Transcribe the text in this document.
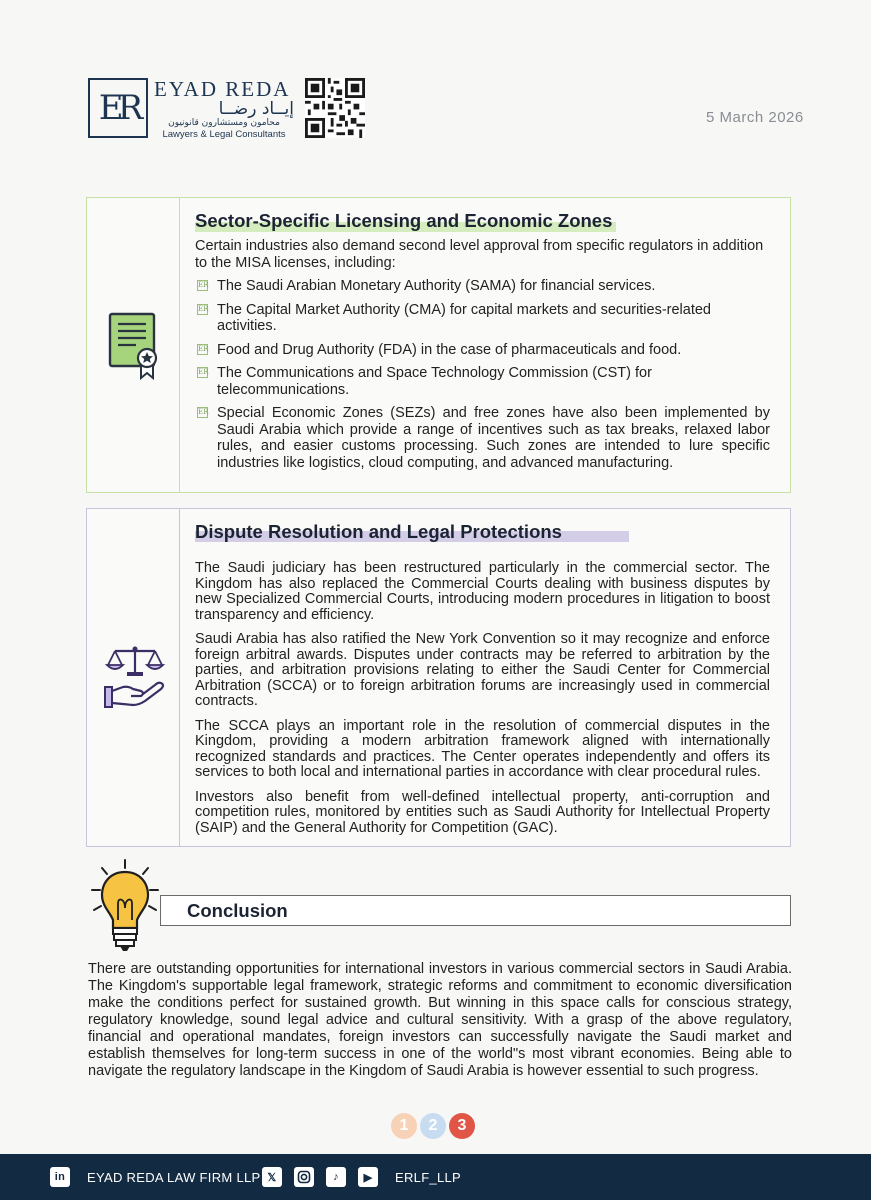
ER EYAD REDA
إيــاد رضــا
محامون ومستشارون قانونيون
Lawyers & Legal Consultants
5 March 2026
Sector-Specific Licensing and Economic Zones

Certain industries also demand second level approval from specific regulators in addition to the MISA licenses, including:

ER The Saudi Arabian Monetary Authority (SAMA) for financial services.
ER The Capital Market Authority (CMA) for capital markets and securities-related activities.
ER Food and Drug Authority (FDA) in the case of pharmaceuticals and food.
ER The Communications and Space Technology Commission (CST) for telecommunications.
ER Special Economic Zones (SEZs) and free zones have also been implemented by Saudi Arabia which provide a range of incentives such as tax breaks, relaxed labor rules, and easier customs processing. Such zones are intended to lure specific industries like logistics, cloud computing, and advanced manufacturing.
Dispute Resolution and Legal Protections

The Saudi judiciary has been restructured particularly in the commercial sector. The Kingdom has also replaced the Commercial Courts dealing with business disputes by new Specialized Commercial Courts, introducing modern procedures in litigation to boost transparency and efficiency.

Saudi Arabia has also ratified the New York Convention so it may recognize and enforce foreign arbitral awards. Disputes under contracts may be referred to arbitration by the parties, and arbitration provisions relating to either the Saudi Center for Commercial Arbitration (SCCA) or to foreign arbitration forums are increasingly used in commercial contracts.

The SCCA plays an important role in the resolution of commercial disputes in the Kingdom, providing a modern arbitration framework aligned with internationally recognized standards and practices. The Center operates independently and offers its services to both local and international parties in accordance with clear procedural rules.

Investors also benefit from well-defined intellectual property, anti-corruption and competition rules, monitored by entities such as Saudi Authority for Intellectual Property (SAIP) and the General Authority for Competition (GAC).

Conclusion

There are outstanding opportunities for international investors in various commercial sectors in Saudi Arabia. The Kingdom's supportable legal framework, strategic reforms and commitment to economic diversification make the conditions perfect for sustained growth. But winning in this space calls for conscious strategy, regulatory knowledge, sound legal advice and cultural sensitivity. With a grasp of the above regulatory, financial and operational mandates, foreign investors can successfully navigate the Saudi market and establish themselves for long-term success in one of the world"s most vibrant economies. Being able to navigate the regulatory landscape in the Kingdom of Saudi Arabia is however essential to such progress.

1	2	3
in	EYAD REDA LAW FIRM LLP 𝕏	♪	▶	ERLF_LLP
